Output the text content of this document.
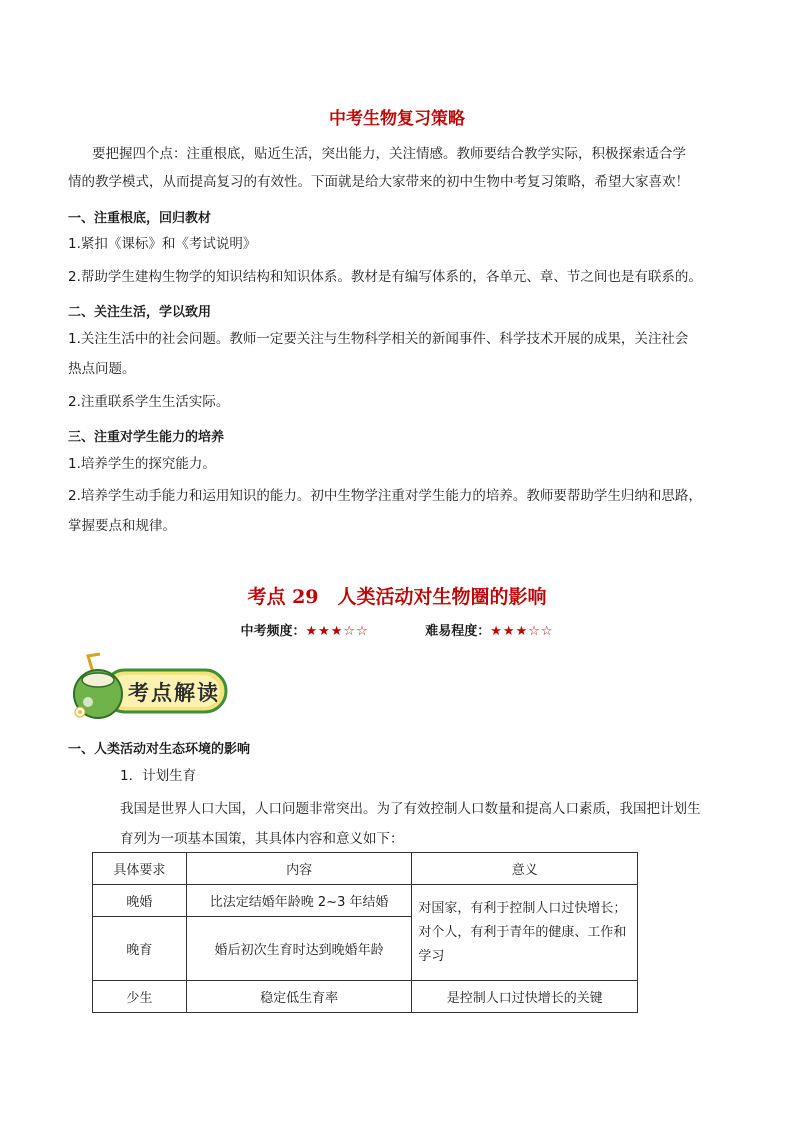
中考生物复习策略

要把握四个点：注重根底，贴近生活，突出能力，关注情感。教师要结合教学实际，积极探索适合学

情的教学模式，从而提高复习的有效性。下面就是给大家带来的初中生物中考复习策略，希望大家喜欢！

一、注重根底，回归教材

1.紧扣《课标》和《考试说明》

2.帮助学生建构生物学的知识结构和知识体系。教材是有编写体系的，各单元、章、节之间也是有联系的。

二、关注生活，学以致用

1.关注生活中的社会问题。教师一定要关注与生物科学相关的新闻事件、科学技术开展的成果，关注社会

热点问题。

2.注重联系学生生活实际。

三、注重对学生能力的培养

1.培养学生的探究能力。

2.培养学生动手能力和运用知识的能力。初中生物学注重对学生能力的培养。教师要帮助学生归纳和思路，

掌握要点和规律。

考点 29　人类活动对生物圈的影响
中考频度：★★★☆☆	难易程度：★★★☆☆
考点解读

一、人类活动对生态环境的影响

1．计划生育

我国是世界人口大国，人口问题非常突出。为了有效控制人口数量和提高人口素质，我国把计划生

育列为一项基本国策，其具体内容和意义如下：

具体要求	内容	意义
晚婚	比法定结婚年龄晚 2~3 年结婚	对国家，有利于控制人口过快增长；对个人，有利于青年的健康、工作和学习
晚育	婚后初次生育时达到晚婚年龄	
少生	稳定低生育率	是控制人口过快增长的关键
